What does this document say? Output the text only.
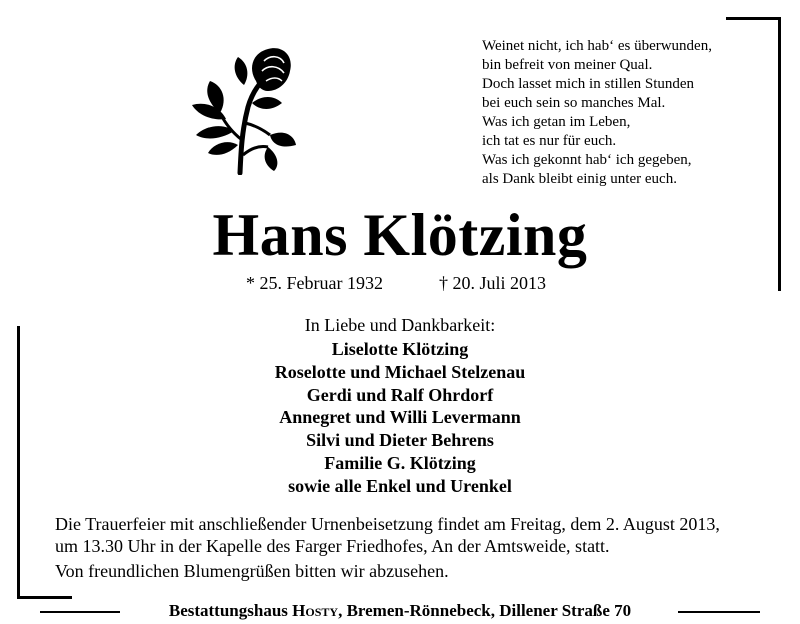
Weinet nicht, ich hab‘ es überwunden,
bin befreit von meiner Qual.
Doch lasset mich in stillen Stunden
bei euch sein so manches Mal.
Was ich getan im Leben,
ich tat es nur für euch.
Was ich gekonnt hab‘ ich gegeben,
als Dank bleibt einig unter euch.
Hans Klötzing
* 25. Februar 1932	† 20. Juli 2013
In Liebe und Dankbarkeit:
Liselotte Klötzing
Roselotte und Michael Stelzenau
Gerdi und Ralf Ohrdorf
Annegret und Willi Levermann
Silvi und Dieter Behrens
Familie G. Klötzing
sowie alle Enkel und Urenkel
Die Trauerfeier mit anschließender Urnenbeisetzung findet am Freitag, dem 2. August 2013,
um 13.30 Uhr in der Kapelle des Farger Friedhofes, An der Amtsweide, statt.
Von freundlichen Blumengrüßen bitten wir abzusehen.
Bestattungshaus Hosty, Bremen-Rönnebeck, Dillener Straße 70
